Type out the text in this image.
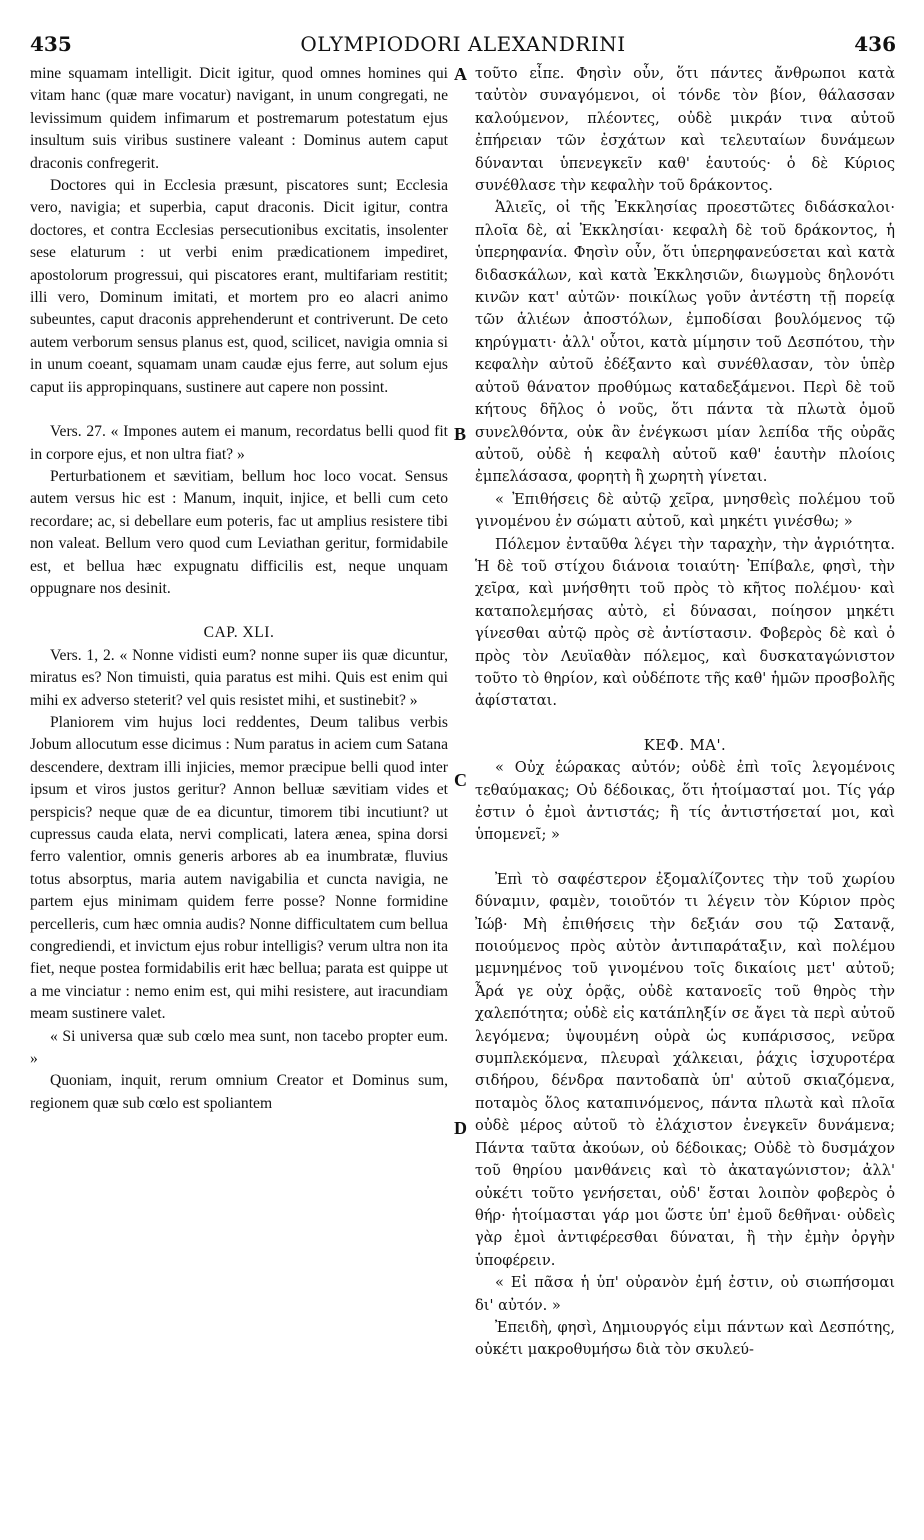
435	OLYMPIODORI ALEXANDRINI	436

mine squamam intelligit. Dicit igitur, quod omnes homines qui vitam hanc (quæ mare vocatur) navigant, in unum congregati, ne levissimum quidem infimarum et postremarum potestatum ejus insultum suis viribus sustinere valeant : Dominus autem caput draconis confregerit.

Doctores qui in Ecclesia præsunt, piscatores sunt; Ecclesia vero, navigia; et superbia, caput draconis. Dicit igitur, contra doctores, et contra Ecclesias persecutionibus excitatis, insolenter sese elaturum : ut verbi enim prædicationem impediret, apostolorum progressui, qui piscatores erant, multifariam restitit; illi vero, Dominum imitati, et mortem pro eo alacri animo subeuntes, caput draconis apprehenderunt et contriverunt. De ceto autem verborum sensus planus est, quod, scilicet, navigia omnia si in unum coeant, squamam unam caudæ ejus ferre, aut solum ejus caput iis appropinquans, sustinere aut capere non possint.

Vers. 27. « Impones autem ei manum, recordatus belli quod fit in corpore ejus, et non ultra fiat? »

Perturbationem et sævitiam, bellum hoc loco vocat. Sensus autem versus hic est : Manum, inquit, injice, et belli cum ceto recordare; ac, si debellare eum poteris, fac ut amplius resistere tibi non valeat. Bellum vero quod cum Leviathan geritur, formidabile est, et bellua hæc expugnatu difficilis est, neque unquam oppugnare nos desinit.

CAP. XLI.

Vers. 1, 2. « Nonne vidisti eum? nonne super iis quæ dicuntur, miratus es? Non timuisti, quia paratus est mihi. Quis est enim qui mihi ex adverso steterit? vel quis resistet mihi, et sustinebit? »

Planiorem vim hujus loci reddentes, Deum talibus verbis Jobum allocutum esse dicimus : Num paratus in aciem cum Satana descendere, dextram illi injicies, memor præcipue belli quod inter ipsum et viros justos geritur? Annon belluæ sævitiam vides et perspicis? neque quæ de ea dicuntur, timorem tibi incutiunt? ut cupressus cauda elata, nervi complicati, latera ænea, spina dorsi ferro valentior, omnis generis arbores ab ea inumbratæ, fluvius totus absorptus, maria autem navigabilia et cuncta navigia, ne partem ejus minimam quidem ferre posse? Nonne formidine percelleris, cum hæc omnia audis? Nonne difficultatem cum bellua congrediendi, et invictum ejus robur intelligis? verum ultra non ita fiet, neque postea formidabilis erit hæc bellua; parata est quippe ut a me vinciatur : nemo enim est, qui mihi resistere, aut iracundiam meam sustinere valet.

« Si universa quæ sub cœlo mea sunt, non tacebo propter eum. »

Quoniam, inquit, rerum omnium Creator et Dominus sum, regionem quæ sub cœlo est spoliantem

A
B
C
D

τοῦτο εἶπε. Φησὶν οὖν, ὅτι πάντες ἄνθρωποι κατὰ ταὐτὸν συναγόμενοι, οἱ τόνδε τὸν βίον, θάλασσαν καλούμενον, πλέοντες, οὐδὲ μικράν τινα αὐτοῦ ἐπήρειαν τῶν ἐσχάτων καὶ τελευταίων δυνάμεων δύνανται ὑπενεγκεῖν καθ' ἑαυτούς· ὁ δὲ Κύριος συνέθλασε τὴν κεφαλὴν τοῦ δράκοντος.

Ἁλιεῖς, οἱ τῆς Ἐκκλησίας προεστῶτες διδάσκαλοι· πλοῖα δὲ, αἱ Ἐκκλησίαι· κεφαλὴ δὲ τοῦ δράκοντος, ἡ ὑπερηφανία. Φησὶν οὖν, ὅτι ὑπερηφανεύσεται καὶ κατὰ διδασκάλων, καὶ κατὰ Ἐκκλησιῶν, διωγμοὺς δηλονότι κινῶν κατ' αὐτῶν· ποικίλως γοῦν ἀντέστη τῇ πορείᾳ τῶν ἁλιέων ἀποστόλων, ἐμποδίσαι βουλόμενος τῷ κηρύγματι· ἀλλ' οὗτοι, κατὰ μίμησιν τοῦ Δεσπότου, τὴν κεφαλὴν αὐτοῦ ἐδέξαντο καὶ συνέθλασαν, τὸν ὑπὲρ αὐτοῦ θάνατον προθύμως καταδεξάμενοι. Περὶ δὲ τοῦ κήτους δῆλος ὁ νοῦς, ὅτι πάντα τὰ πλωτὰ ὁμοῦ συνελθόντα, οὐκ ἂν ἐνέγκωσι μίαν λεπίδα τῆς οὐρᾶς αὐτοῦ, οὐδὲ ἡ κεφαλὴ αὐτοῦ καθ' ἑαυτὴν πλοίοις ἐμπελάσασα, φορητὴ ἢ χωρητὴ γίνεται.

« Ἐπιθήσεις δὲ αὐτῷ χεῖρα, μνησθεὶς πολέμου τοῦ γινομένου ἐν σώματι αὐτοῦ, καὶ μηκέτι γινέσθω; »

Πόλεμον ἐνταῦθα λέγει τὴν ταραχὴν, τὴν ἀγριότητα. Ἡ δὲ τοῦ στίχου διάνοια τοιαύτη· Ἐπίβαλε, φησὶ, τὴν χεῖρα, καὶ μνήσθητι τοῦ πρὸς τὸ κῆτος πολέμου· καὶ καταπολεμήσας αὐτὸ, εἰ δύνασαι, ποίησον μηκέτι γίνεσθαι αὐτῷ πρὸς σὲ ἀντίστασιν. Φοβερὸς δὲ καὶ ὁ πρὸς τὸν Λευϊαθὰν πόλεμος, καὶ δυσκαταγώνιστον τοῦτο τὸ θηρίον, καὶ οὐδέποτε τῆς καθ' ἡμῶν προσβολῆς ἀφίσταται.

ΚΕΦ. ΜΑ'.

« Οὐχ ἑώρακας αὐτόν; οὐδὲ ἐπὶ τοῖς λεγομένοις τεθαύμακας; Οὐ δέδοικας, ὅτι ἡτοίμασταί μοι. Τίς γάρ ἐστιν ὁ ἐμοὶ ἀντιστάς; ἢ τίς ἀντιστήσεταί μοι, καὶ ὑπομενεῖ; »

Ἐπὶ τὸ σαφέστερον ἐξομαλίζοντες τὴν τοῦ χωρίου δύναμιν, φαμὲν, τοιοῦτόν τι λέγειν τὸν Κύριον πρὸς Ἰώβ· Μὴ ἐπιθήσεις τὴν δεξιάν σου τῷ Σατανᾷ, ποιούμενος πρὸς αὐτὸν ἀντιπαράταξιν, καὶ πολέμου μεμνημένος τοῦ γινομένου τοῖς δικαίοις μετ' αὐτοῦ; Ἆρά γε οὐχ ὁρᾷς, οὐδὲ κατανοεῖς τοῦ θηρὸς τὴν χαλεπότητα; οὐδὲ εἰς κατάπληξίν σε ἄγει τὰ περὶ αὐτοῦ λεγόμενα; ὑψουμένη οὐρὰ ὡς κυπάρισσος, νεῦρα συμπλεκόμενα, πλευραὶ χάλκειαι, ῥάχις ἰσχυροτέρα σιδήρου, δένδρα παντοδαπὰ ὑπ' αὐτοῦ σκιαζόμενα, ποταμὸς ὅλος καταπινόμενος, πάντα πλωτὰ καὶ πλοῖα οὐδὲ μέρος αὐτοῦ τὸ ἐλάχιστον ἐνεγκεῖν δυνάμενα; Πάντα ταῦτα ἀκούων, οὐ δέδοικας; Οὐδὲ τὸ δυσμάχον τοῦ θηρίου μανθάνεις καὶ τὸ ἀκαταγώνιστον; ἀλλ' οὐκέτι τοῦτο γενήσεται, οὐδ' ἔσται λοιπὸν φοβερὸς ὁ θήρ· ἡτοίμασται γάρ μοι ὥστε ὑπ' ἐμοῦ δεθῆναι· οὐδεὶς γὰρ ἐμοὶ ἀντιφέρεσθαι δύναται, ἢ τὴν ἐμὴν ὀργὴν ὑποφέρειν.

« Εἰ πᾶσα ἡ ὑπ' οὐρανὸν ἐμή ἐστιν, οὐ σιωπήσομαι δι' αὐτόν. »

Ἐπειδὴ, φησὶ, Δημιουργός εἰμι πάντων καὶ Δεσπότης, οὐκέτι μακροθυμήσω διὰ τὸν σκυλεύ-
